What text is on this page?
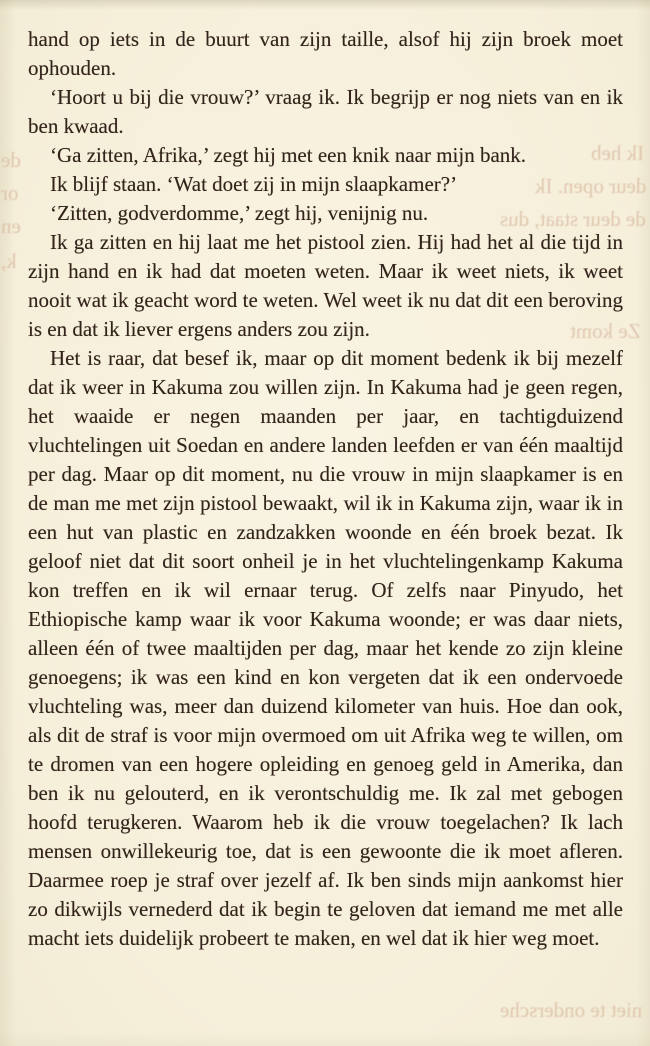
Ik heb
deur open. Ik
de deur staat, dus
Ze komt
niet te ondersche
de
or
en
k,

hand op iets in de buurt van zijn taille, alsof hij zijn broek moet ophouden.

‘Hoort u bij die vrouw?’ vraag ik. Ik begrijp er nog niets van en ik ben kwaad.

‘Ga zitten, Afrika,’ zegt hij met een knik naar mijn bank.

Ik blijf staan. ‘Wat doet zij in mijn slaapkamer?’

‘Zitten, godverdomme,’ zegt hij, venijnig nu.

Ik ga zitten en hij laat me het pistool zien. Hij had het al die tijd in zijn hand en ik had dat moeten weten. Maar ik weet niets, ik weet nooit wat ik geacht word te weten. Wel weet ik nu dat dit een beroving is en dat ik liever ergens anders zou zijn.

Het is raar, dat besef ik, maar op dit moment bedenk ik bij mezelf dat ik weer in Kakuma zou willen zijn. In Kakuma had je geen regen, het waaide er negen maanden per jaar, en tachtigduizend vluchtelingen uit Soedan en andere landen leefden er van één maaltijd per dag. Maar op dit moment, nu die vrouw in mijn slaapkamer is en de man me met zijn pistool bewaakt, wil ik in Kakuma zijn, waar ik in een hut van plastic en zandzakken woonde en één broek bezat. Ik geloof niet dat dit soort onheil je in het vluchtelingenkamp Kakuma kon treffen en ik wil ernaar terug. Of zelfs naar Pinyudo, het Ethiopische kamp waar ik voor Kakuma woonde; er was daar niets, alleen één of twee maaltijden per dag, maar het kende zo zijn kleine genoegens; ik was een kind en kon vergeten dat ik een ondervoede vluchteling was, meer dan duizend kilometer van huis. Hoe dan ook, als dit de straf is voor mijn overmoed om uit Afrika weg te willen, om te dromen van een hogere opleiding en genoeg geld in Amerika, dan ben ik nu gelouterd, en ik verontschuldig me. Ik zal met gebogen hoofd terugkeren. Waarom heb ik die vrouw toegelachen? Ik lach mensen onwillekeurig toe, dat is een gewoonte die ik moet afleren. Daarmee roep je straf over jezelf af. Ik ben sinds mijn aankomst hier zo dikwijls vernederd dat ik begin te geloven dat iemand me met alle macht iets duidelijk probeert te maken, en wel dat ik hier weg moet.
